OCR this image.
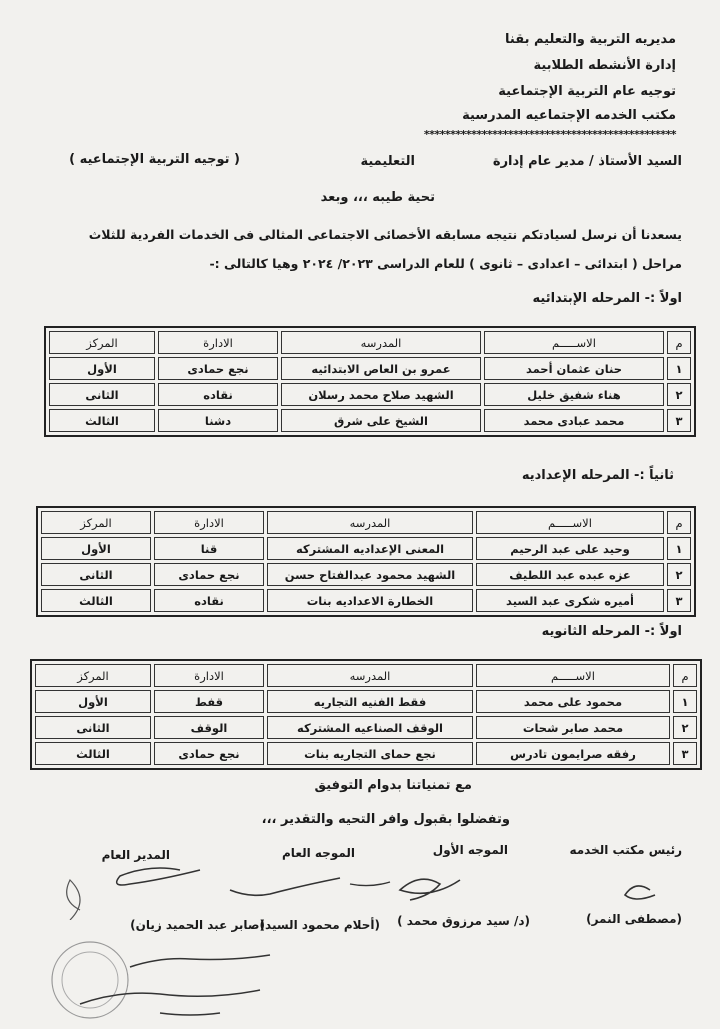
مديريه التربية والتعليم بقنا
إدارة الأنشطه الطلابية
توجيه عام التربية الإجتماعية
مكتب الخدمه الإجتماعيه المدرسية
************************************************
السيد الأستاذ / مدير عام إدارة
التعليمية
( توجيه التربية الإجتماعيه )
تحية طيبه ،،، وبعد
يسعدنا أن نرسل لسيادتكم نتيجه مسابقه الأخصائى الاجتماعى المثالى فى الخدمات الفردية للثلاث
مراحل ( ابتدائى – اعدادى – ثانوى ) للعام الدراسى ٢٠٢٣/ ٢٠٢٤ وهيا كالتالى :-
اولاً :- المرحله الإبتدائيه
م	الاســـــم	المدرسه	الادارة	المركز
١	حنان عثمان أحمد	عمرو بن العاص الابتدائيه	نجع حمادى	الأول
٢	هناء شفيق خليل	الشهيد صلاح محمد رسلان	نقاده	الثانى
٣	محمد عبادى محمد	الشيخ على شرق	دشنا	الثالث
ثانياً :- المرحله الإعداديه
م	الاســـــم	المدرسه	الادارة	المركز
١	وحيد على عبد الرحيم	المعنى الإعداديه المشتركه	قنا	الأول
٢	عزه عبده عبد اللطيف	الشهيد محمود عبدالفتاح حسن	نجع حمادى	الثانى
٣	أميره شكرى عبد السيد	الخطارة الاعداديه بنات	نقاده	الثالث
اولاً :- المرحله الثانويه
م	الاســـــم	المدرسه	الادارة	المركز
١	محمود على محمد	فقط الفنيه التجاريه	قفط	الأول
٢	محمد صابر شحات	الوقف الصناعيه المشتركه	الوقف	الثانى
٣	رفقه صرايمون تادرس	نجع حماى التجاريه بنات	نجع حمادى	الثالث
مع تمنياتنا بدوام التوفيق
وتفضلوا بقبول وافر التحيه والتقدير ،،،
رئيس مكتب الخدمه
الموجه الأول
الموجه العام
المدير العام
(مصطفى النمر)
(د/ سيد مرزوق محمد )
(أحلام محمود السيد)
(صابر عبد الحميد زيان)
